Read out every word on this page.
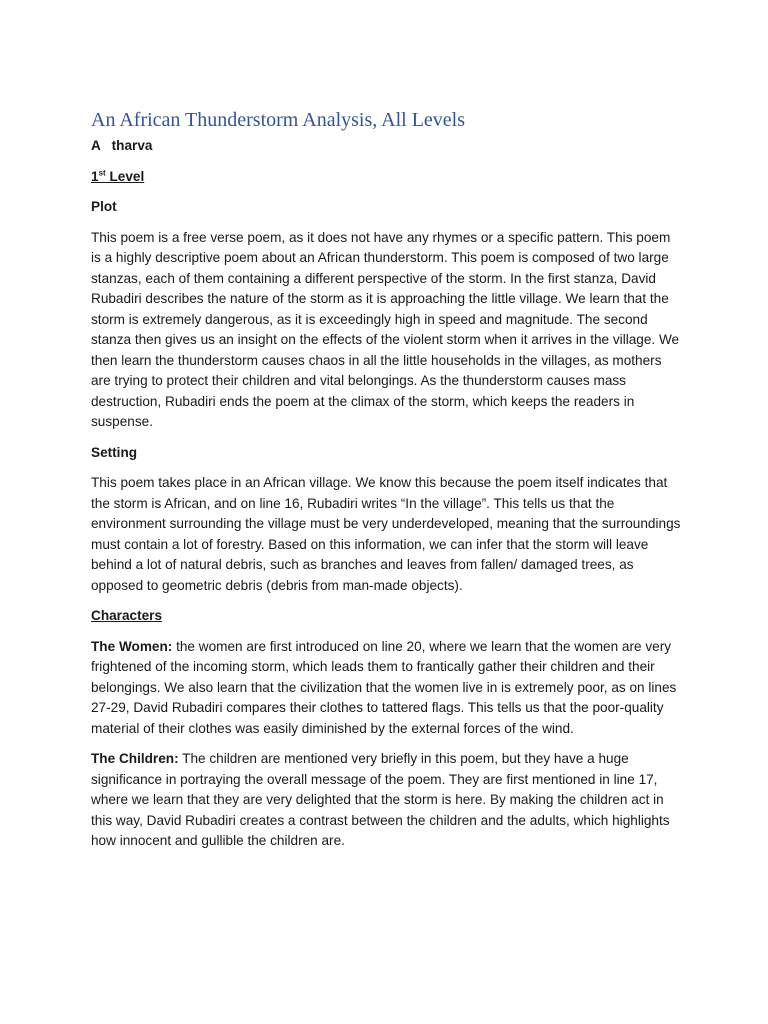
An African Thunderstorm Analysis, All Levels
A   tharva
1st Level
Plot

This poem is a free verse poem, as it does not have any rhymes or a specific pattern. This poem is a highly descriptive poem about an African thunderstorm. This poem is composed of two large stanzas, each of them containing a different perspective of the storm. In the first stanza, David Rubadiri describes the nature of the storm as it is approaching the little village. We learn that the storm is extremely dangerous, as it is exceedingly high in speed and magnitude. The second stanza then gives us an insight on the effects of the violent storm when it arrives in the village. We then learn the thunderstorm causes chaos in all the little households in the villages, as mothers are trying to protect their children and vital belongings. As the thunderstorm causes mass destruction, Rubadiri ends the poem at the climax of the storm, which keeps the readers in suspense.

Setting

This poem takes place in an African village. We know this because the poem itself indicates that the storm is African, and on line 16, Rubadiri writes “In the village”. This tells us that the environment surrounding the village must be very underdeveloped, meaning that the surroundings must contain a lot of forestry. Based on this information, we can infer that the storm will leave behind a lot of natural debris, such as branches and leaves from fallen/ damaged trees, as opposed to geometric debris (debris from man-made objects).

Characters

The Women: the women are first introduced on line 20, where we learn that the women are very frightened of the incoming storm, which leads them to frantically gather their children and their belongings. We also learn that the civilization that the women live in is extremely poor, as on lines 27-29, David Rubadiri compares their clothes to tattered flags. This tells us that the poor-quality material of their clothes was easily diminished by the external forces of the wind.

The Children: The children are mentioned very briefly in this poem, but they have a huge significance in portraying the overall message of the poem. They are first mentioned in line 17, where we learn that they are very delighted that the storm is here. By making the children act in this way, David Rubadiri creates a contrast between the children and the adults, which highlights how innocent and gullible the children are.
